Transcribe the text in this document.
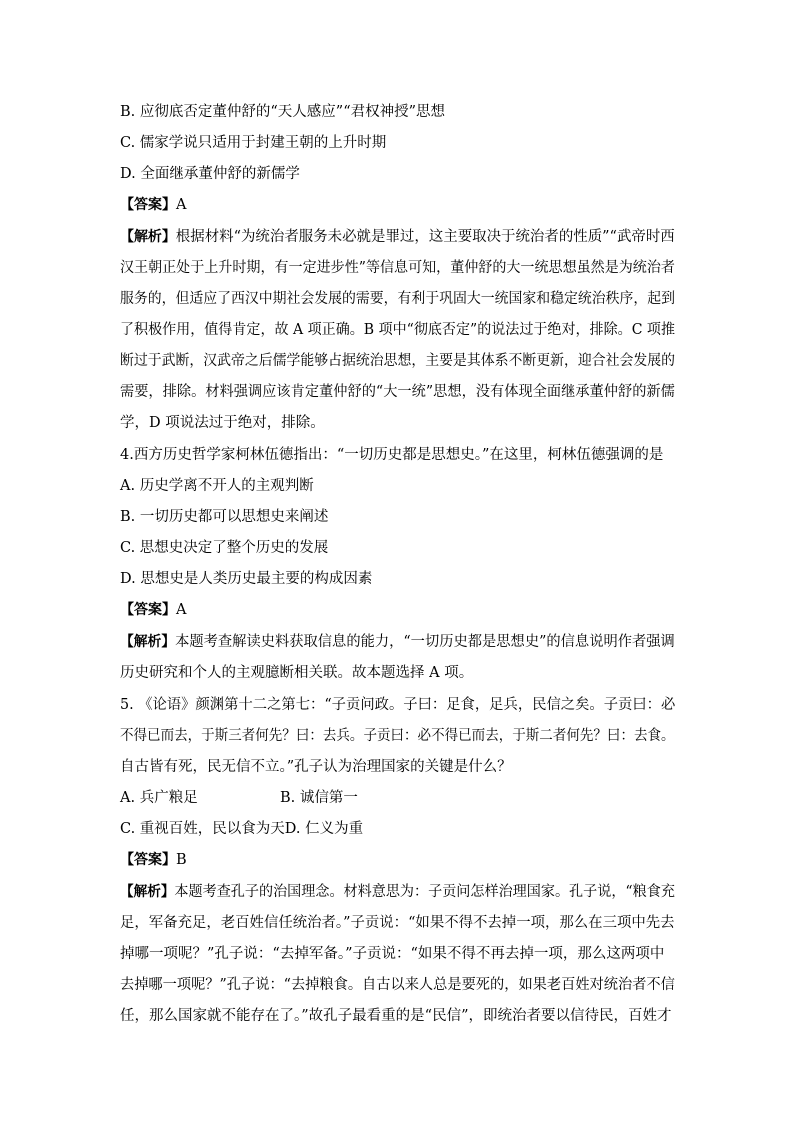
B. 应彻底否定董仲舒的“天人感应”“君权神授”思想
C. 儒家学说只适用于封建王朝的上升时期
D. 全面继承董仲舒的新儒学
【答案】A
【解析】根据材料“为统治者服务未必就是罪过，这主要取决于统治者的性质”“武帝时西
汉王朝正处于上升时期，有一定进步性”等信息可知，董仲舒的大一统思想虽然是为统治者
服务的，但适应了西汉中期社会发展的需要，有利于巩固大一统国家和稳定统治秩序，起到
了积极作用，值得肯定，故 A 项正确。B 项中“彻底否定”的说法过于绝对，排除。C 项推
断过于武断，汉武帝之后儒学能够占据统治思想，主要是其体系不断更新，迎合社会发展的
需要，排除。材料强调应该肯定董仲舒的“大一统”思想，没有体现全面继承董仲舒的新儒
学，D 项说法过于绝对，排除。
4.西方历史哲学家柯林伍德指出：“一切历史都是思想史。”在这里，柯林伍德强调的是
A. 历史学离不开人的主观判断
B. 一切历史都可以思想史来阐述
C. 思想史决定了整个历史的发展
D. 思想史是人类历史最主要的构成因素
【答案】A
【解析】本题考查解读史料获取信息的能力，“一切历史都是思想史”的信息说明作者强调
历史研究和个人的主观臆断相关联。故本题选择 A 项。
5. 《论语》颜渊第十二之第七：“子贡问政。子曰：足食，足兵，民信之矣。子贡曰：必
不得已而去，于斯三者何先？曰：去兵。子贡曰：必不得已而去，于斯二者何先？曰：去食。
自古皆有死，民无信不立。”孔子认为治理国家的关键是什么？
A. 兵广粮足	B. 诚信第一
C. 重视百姓，民以食为天D. 仁义为重
【答案】B
【解析】本题考查孔子的治国理念。材料意思为：子贡问怎样治理国家。孔子说，“粮食充
足，军备充足，老百姓信任统治者。”子贡说：“如果不得不去掉一项，那么在三项中先去
掉哪一项呢？”孔子说：“去掉军备。”子贡说：“如果不得不再去掉一项，那么这两项中
去掉哪一项呢？”孔子说：“去掉粮食。自古以来人总是要死的，如果老百姓对统治者不信
任，那么国家就不能存在了。”故孔子最看重的是“民信”，即统治者要以信待民，百姓才
